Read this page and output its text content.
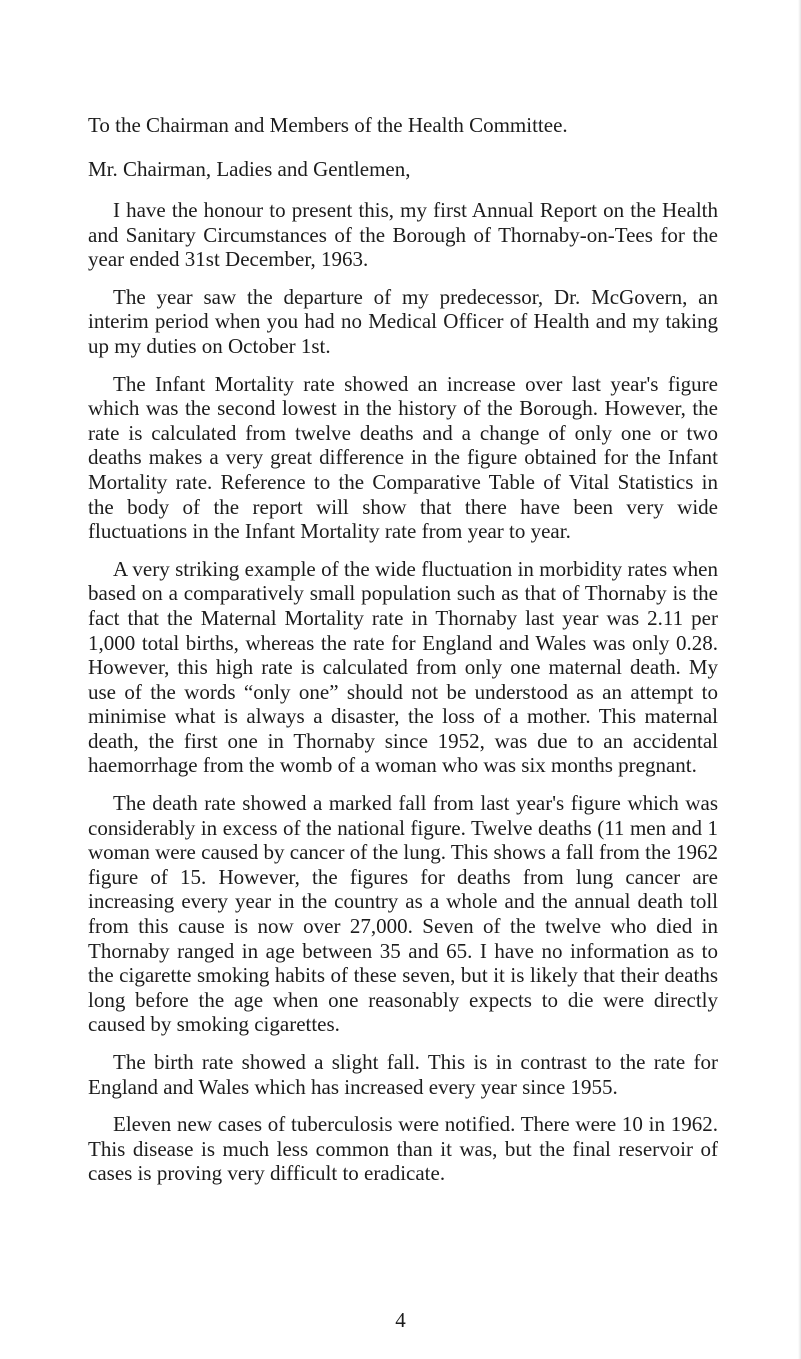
To the Chairman and Members of the Health Committee.
Mr. Chairman, Ladies and Gentlemen,

I have the honour to present this, my first Annual Report on the Health and Sanitary Circumstances of the Borough of Thornaby-on-Tees for the year ended 31st December, 1963.

The year saw the departure of my predecessor, Dr. McGovern, an interim period when you had no Medical Officer of Health and my taking up my duties on October 1st.

The Infant Mortality rate showed an increase over last year's figure which was the second lowest in the history of the Borough. However, the rate is calculated from twelve deaths and a change of only one or two deaths makes a very great difference in the figure obtained for the Infant Mortality rate. Reference to the Comparative Table of Vital Statistics in the body of the report will show that there have been very wide fluctuations in the Infant Mortality rate from year to year.

A very striking example of the wide fluctuation in morbidity rates when based on a comparatively small population such as that of Thornaby is the fact that the Maternal Mortality rate in Thornaby last year was 2.11 per 1,000 total births, whereas the rate for England and Wales was only 0.28. However, this high rate is calculated from only one maternal death. My use of the words “only one” should not be understood as an attempt to minimise what is always a disaster, the loss of a mother. This maternal death, the first one in Thornaby since 1952, was due to an accidental haemorrhage from the womb of a woman who was six months pregnant.

The death rate showed a marked fall from last year's figure which was considerably in excess of the national figure. Twelve deaths (11 men and 1 woman were caused by cancer of the lung. This shows a fall from the 1962 figure of 15. However, the figures for deaths from lung cancer are increasing every year in the country as a whole and the annual death toll from this cause is now over 27,000. Seven of the twelve who died in Thornaby ranged in age between 35 and 65. I have no information as to the cigarette smoking habits of these seven, but it is likely that their deaths long before the age when one reasonably expects to die were directly caused by smoking cigarettes.

The birth rate showed a slight fall. This is in contrast to the rate for England and Wales which has increased every year since 1955.

Eleven new cases of tuberculosis were notified. There were 10 in 1962. This disease is much less common than it was, but the final reservoir of cases is proving very difficult to eradicate.

4
